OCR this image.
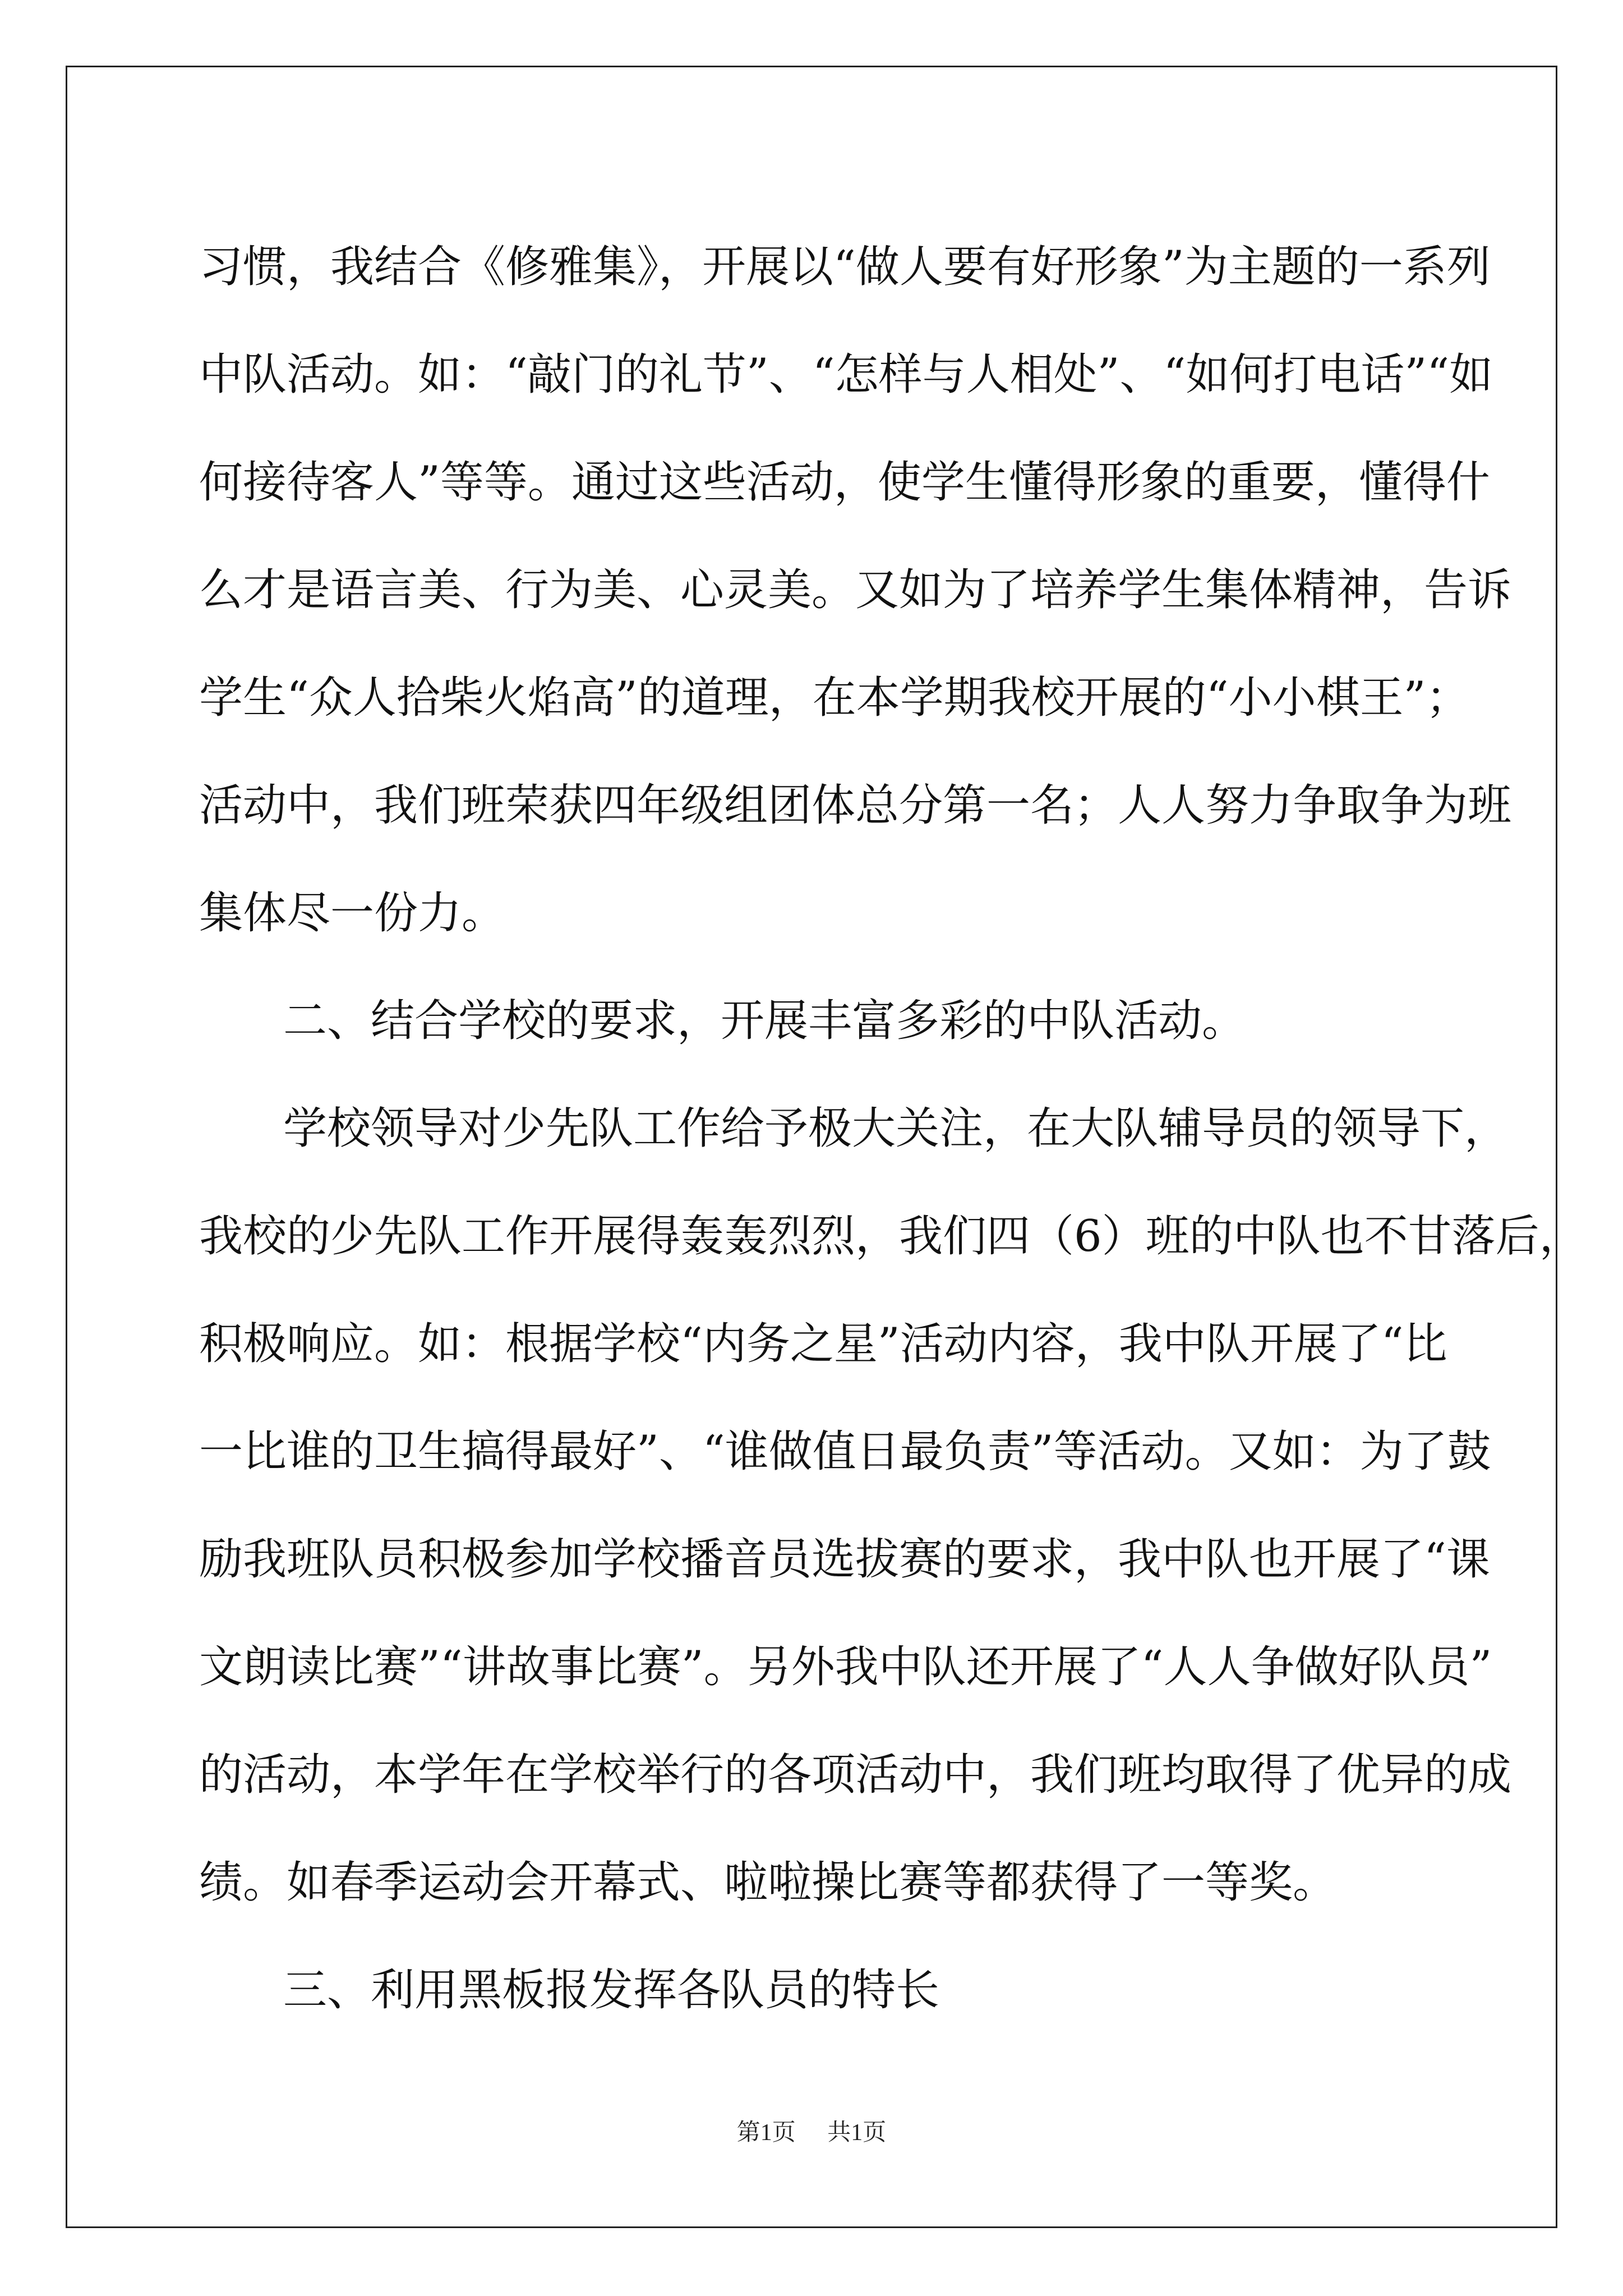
习惯，我结合《修雅集》，开展以“做人要有好形象”为主题的一系列
中队活动。如：“敲门的礼节”、“怎样与人相处”、“如何打电话”“如
何接待客人”等等。通过这些活动，使学生懂得形象的重要，懂得什
么才是语言美、行为美、心灵美。又如为了培养学生集体精神，告诉
学生“众人拾柴火焰高”的道理，在本学期我校开展的“小小棋王”；
活动中，我们班荣获四年级组团体总分第一名；人人努力争取争为班
集体尽一份力。
二、结合学校的要求，开展丰富多彩的中队活动。
学校领导对少先队工作给予极大关注，在大队辅导员的领导下，
我校的少先队工作开展得轰轰烈烈，我们四（6）班的中队也不甘落后，
积极响应。如：根据学校“内务之星”活动内容，我中队开展了“比
一比谁的卫生搞得最好”、“谁做值日最负责”等活动。又如：为了鼓
励我班队员积极参加学校播音员选拔赛的要求，我中队也开展了“课
文朗读比赛”“讲故事比赛”。另外我中队还开展了“人人争做好队员”
的活动，本学年在学校举行的各项活动中，我们班均取得了优异的成
绩。如春季运动会开幕式、啦啦操比赛等都获得了一等奖。
三、利用黑板报发挥各队员的特长
第1页 共1页
